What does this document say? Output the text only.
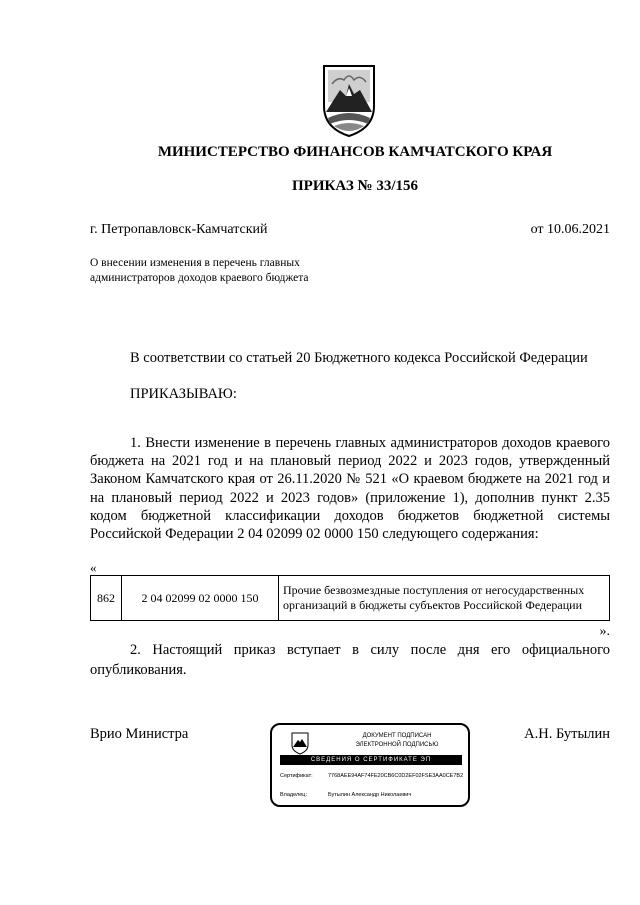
МИНИСТЕРСТВО ФИНАНСОВ КАМЧАТСКОГО КРАЯ
ПРИКАЗ № 33/156
г. Петропавловск-Камчатский	от 10.06.2021
О внесении изменения в перечень главных администраторов доходов краевого бюджета
В соответствии со статьей 20 Бюджетного кодекса Российской Федерации
ПРИКАЗЫВАЮ:
1. Внести изменение в перечень главных администраторов доходов краевого бюджета на 2021 год и на плановый период 2022 и 2023 годов, утвержденный Законом Камчатского края от 26.11.2020 № 521 «О краевом бюджете на 2021 год и на плановый период 2022 и 2023 годов» (приложение 1), дополнив пункт 2.35 кодом бюджетной классификации доходов бюджетов бюджетной системы Российской Федерации 2 04 02099 02 0000 150 следующего содержания:
«
862	2 04 02099 02 0000 150	Прочие безвозмездные поступления от негосударственных организаций в бюджеты субъектов Российской Федерации
».
2. Настоящий приказ вступает в силу после дня его официального опубликования.
Врио Министра	А.Н. Бутылин
ДОКУМЕНТ ПОДПИСАН
ЭЛЕКТРОННОЙ ПОДПИСЬЮ
СВЕДЕНИЯ О СЕРТИФИКАТЕ ЭП
Сертификат:	7768AEE94AF74FE20CB6C0D2EF02FSE3AA0CE7B2
Владелец:	Бутылин Александр Николаевич
